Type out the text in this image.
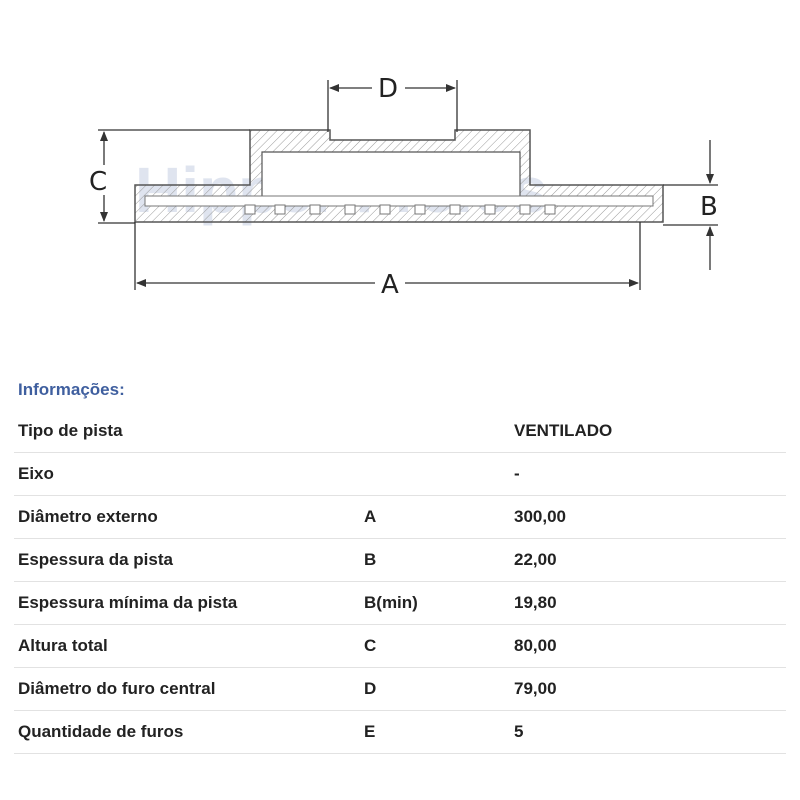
D
C
B
A
Informações:
Tipo de pista		VENTILADO
Eixo		-
Diâmetro externo	A	300,00
Espessura da pista	B	22,00
Espessura mínima da pista	B(min)	19,80
Altura total	C	80,00
Diâmetro do furo central	D	79,00
Quantidade de furos	E	5
